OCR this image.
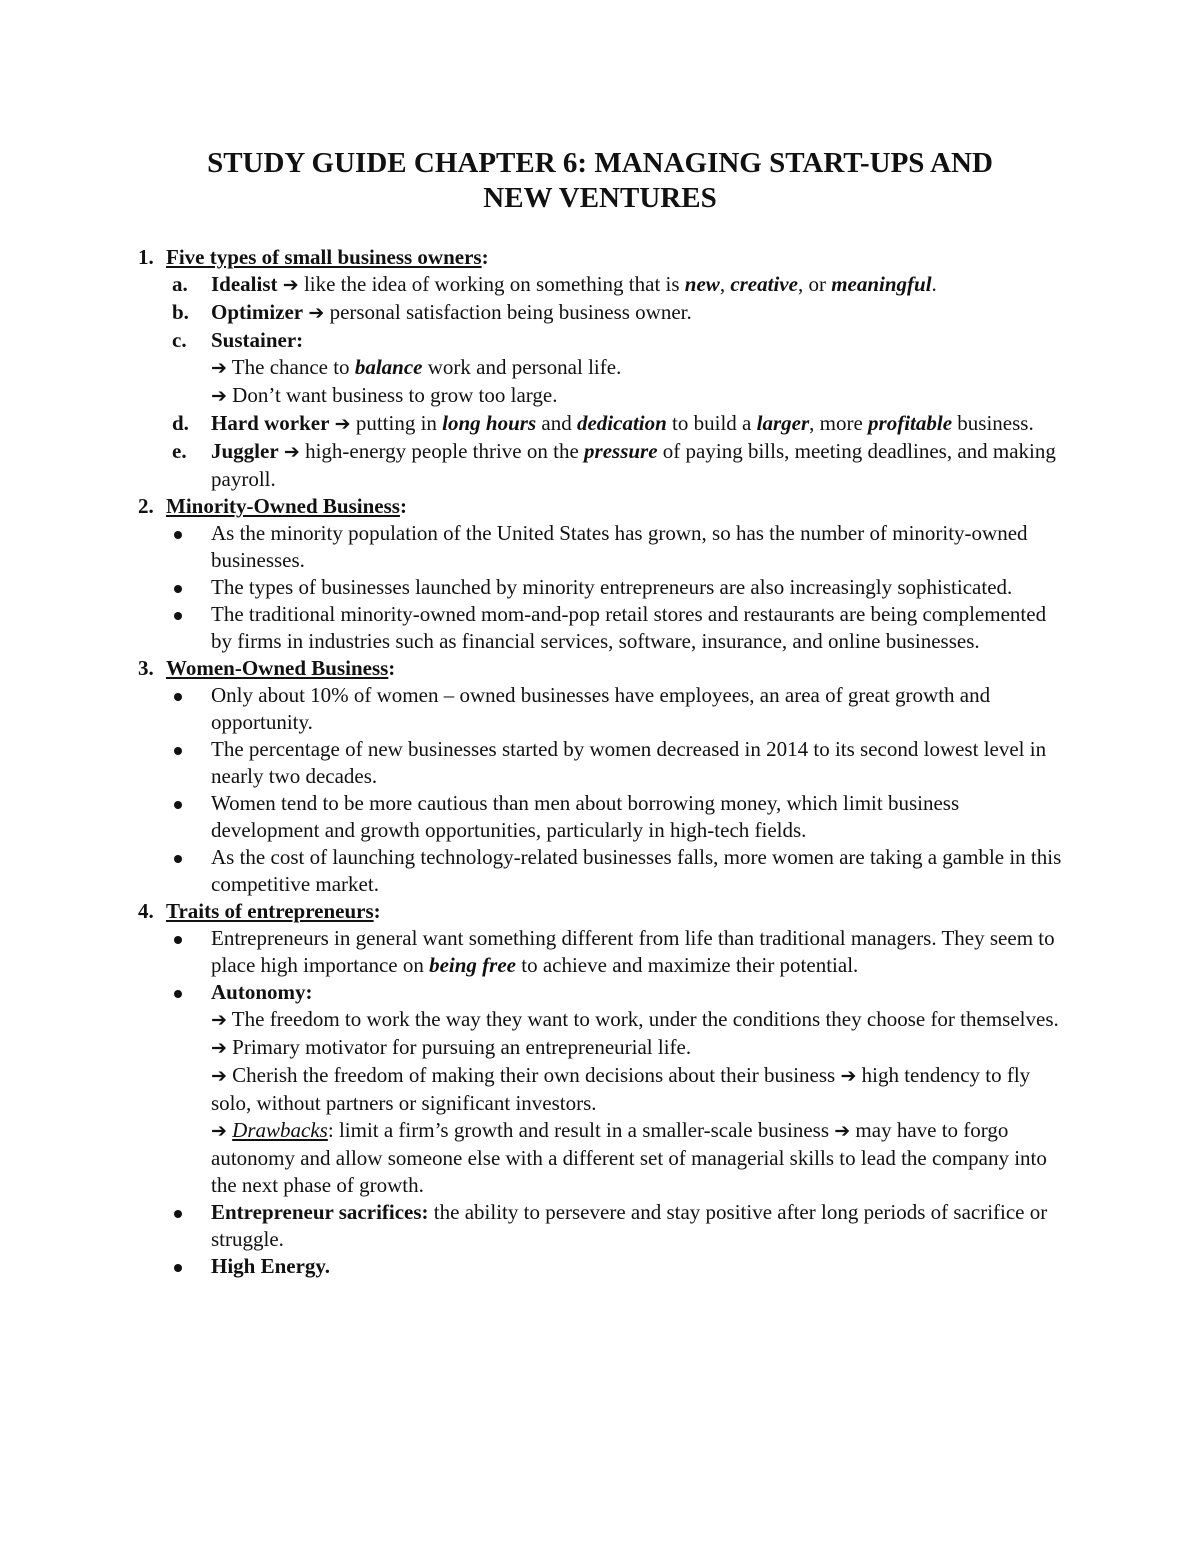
STUDY GUIDE CHAPTER 6: MANAGING START-UPS AND
NEW VENTURES
1. Five types of small business owners:
a. Idealist ➔ like the idea of working on something that is new, creative, or meaningful.
b. Optimizer ➔ personal satisfaction being business owner.
c. Sustainer:
➔ The chance to balance work and personal life.
➔ Don’t want business to grow too large.
d. Hard worker ➔ putting in long hours and dedication to build a larger, more profitable business.
e. Juggler ➔ high-energy people thrive on the pressure of paying bills, meeting deadlines, and making payroll.
2. Minority-Owned Business:
As the minority population of the United States has grown, so has the number of minority-owned businesses.
The types of businesses launched by minority entrepreneurs are also increasingly sophisticated.
The traditional minority-owned mom-and-pop retail stores and restaurants are being complemented by firms in industries such as financial services, software, insurance, and online businesses.
3. Women-Owned Business:
Only about 10% of women – owned businesses have employees, an area of great growth and opportunity.
The percentage of new businesses started by women decreased in 2014 to its second lowest level in nearly two decades.
Women tend to be more cautious than men about borrowing money, which limit business development and growth opportunities, particularly in high-tech fields.
As the cost of launching technology-related businesses falls, more women are taking a gamble in this competitive market.
4. Traits of entrepreneurs:
Entrepreneurs in general want something different from life than traditional managers. They seem to place high importance on being free to achieve and maximize their potential.
Autonomy:
➔ The freedom to work the way they want to work, under the conditions they choose for themselves.
➔ Primary motivator for pursuing an entrepreneurial life.
➔ Cherish the freedom of making their own decisions about their business ➔ high tendency to fly solo, without partners or significant investors.
➔ Drawbacks: limit a firm’s growth and result in a smaller-scale business ➔ may have to forgo autonomy and allow someone else with a different set of managerial skills to lead the company into the next phase of growth.
Entrepreneur sacrifices: the ability to persevere and stay positive after long periods of sacrifice or struggle.
High Energy.
